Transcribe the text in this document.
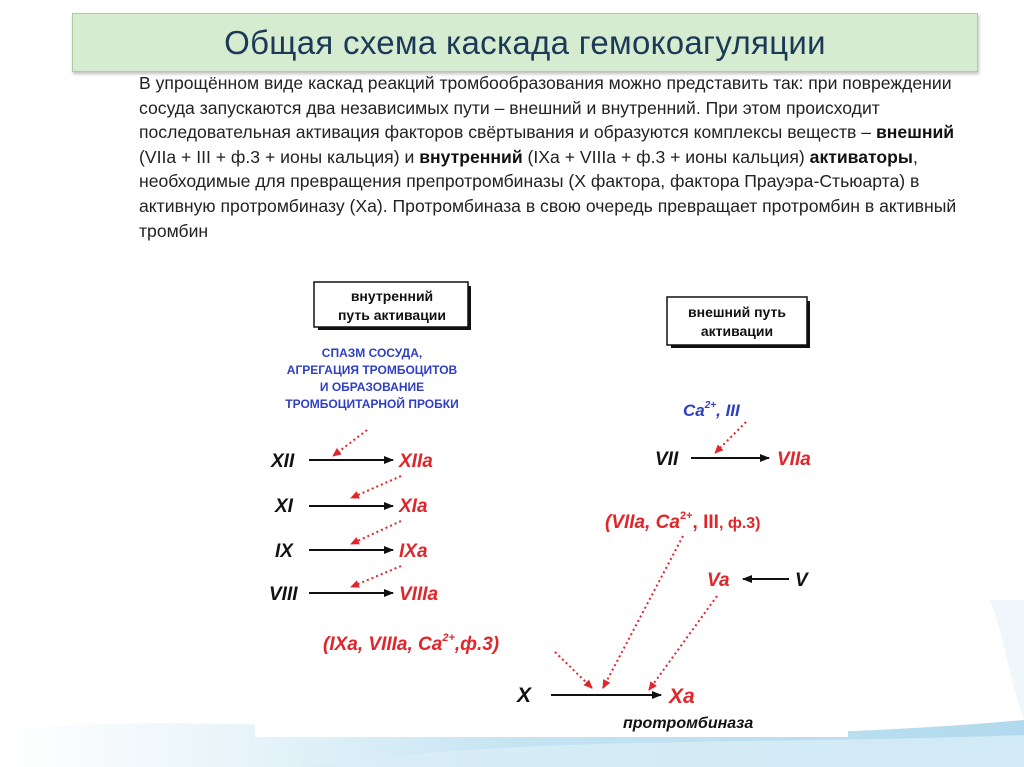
Общая схема каскада гемокоагуляции
В упрощённом виде каскад реакций тромбообразования можно представить так: при повреждении сосуда запускаются два независимых пути – внешний и внутренний. При этом происходит последовательная активация факторов свёртывания и образуются комплексы веществ – внешний (VIIa + III + ф.3 + ионы кальция) и внутренний (IXa + VIIIa + ф.3 + ионы кальция) активаторы, необходимые для превращения препротромбиназы (X фактора, фактора Прауэра-Стьюарта) в активную протромбиназу (Xa). Протромбиназа в свою очередь превращает протромбин в активный тромбин
внутренний
путь активации	внешний путь
активации
СПАЗМ СОСУДА,
АГРЕГАЦИЯ ТРОМБОЦИТОВ
И ОБРАЗОВАНИЕ
ТРОМБОЦИТАРНОЙ ПРОБКИ
XII	XIIa
XI	XIa
IX	IXa
VIII	VIIIa
$Ca^{2+}$, III
VII	VIIa
(VIIa, $Ca^{2+}$, III, ф.3)
Va	V
(IXa, VIIIa, $Ca^{2+},ф.3$)
X	Xa
протромбиназа
